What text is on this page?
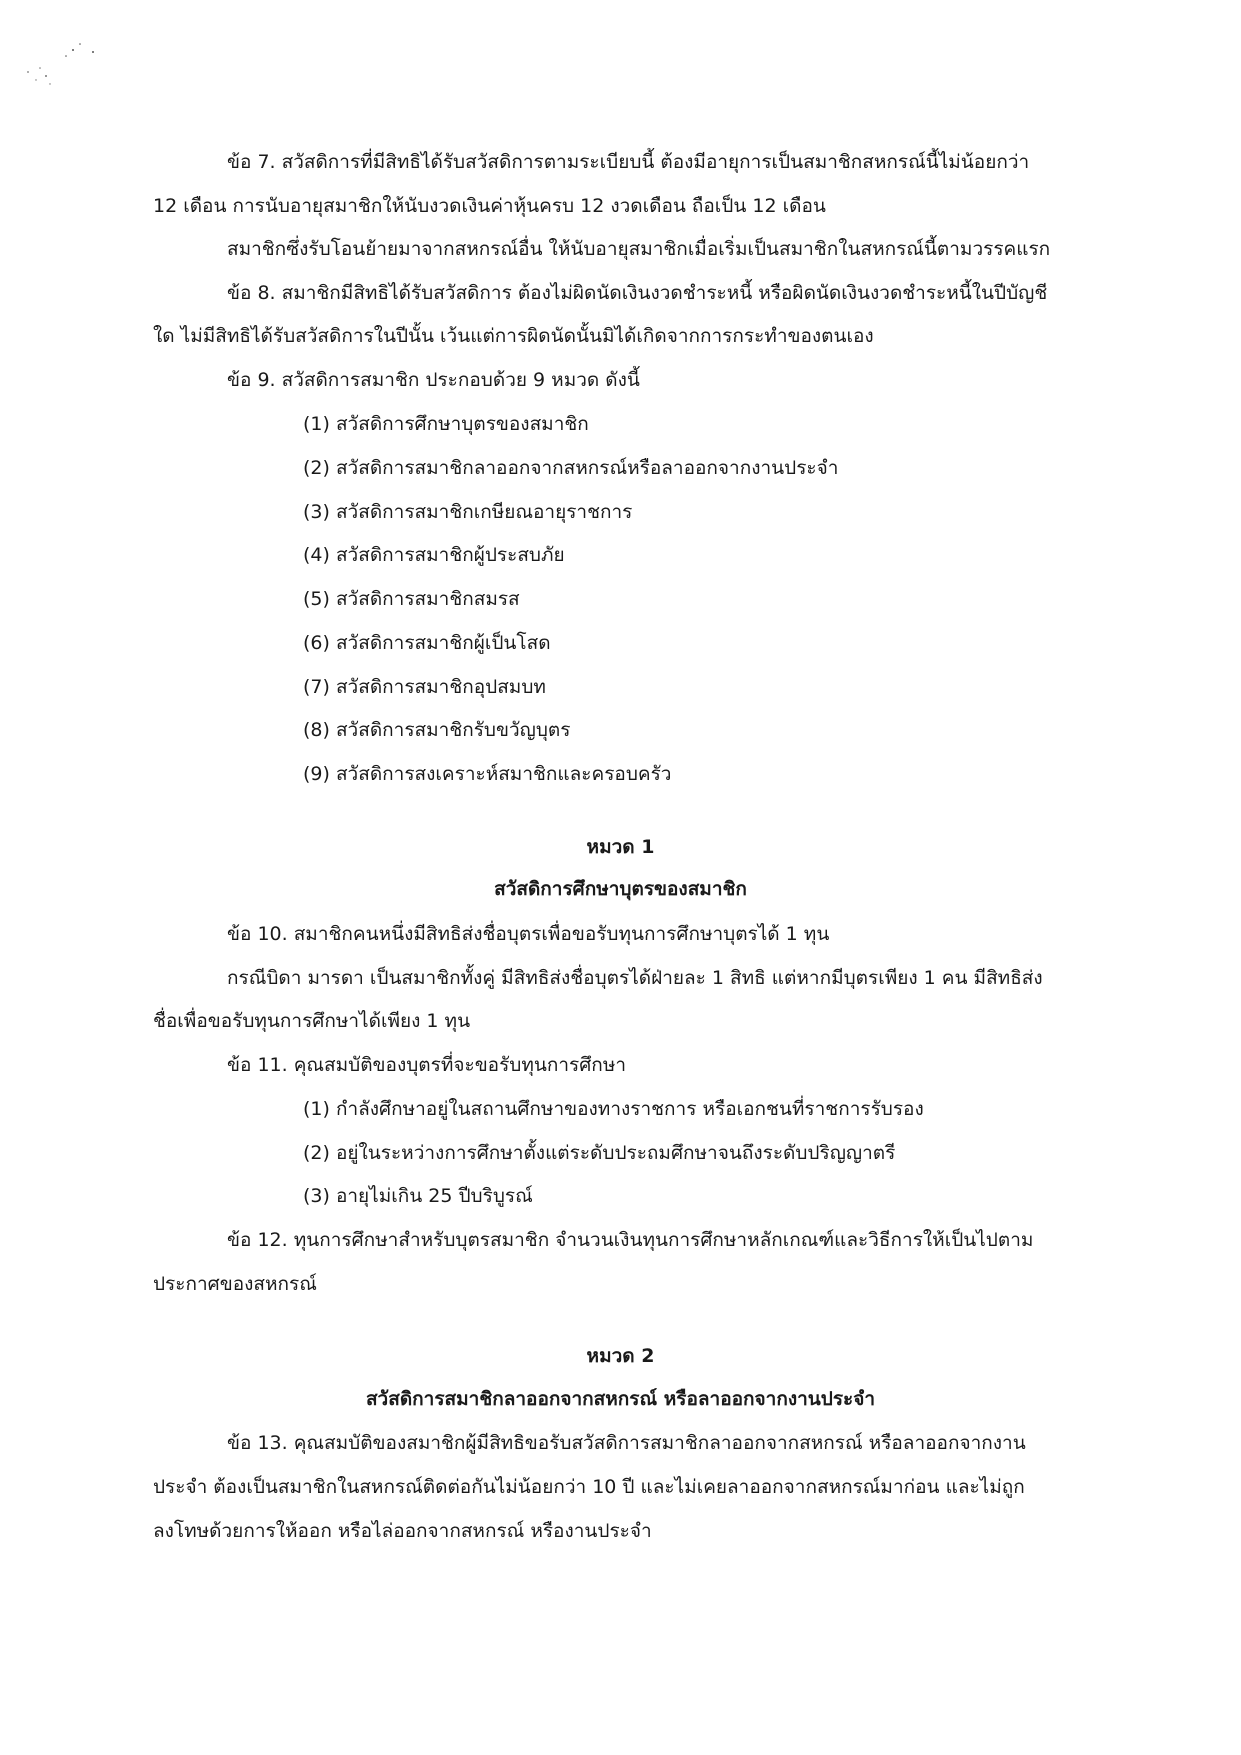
ข้อ 7. สวัสดิการที่มีสิทธิได้รับสวัสดิการตามระเบียบนี้ ต้องมีอายุการเป็นสมาชิกสหกรณ์นี้ไม่น้อยกว่า
12 เดือน การนับอายุสมาชิกให้นับงวดเงินค่าหุ้นครบ 12 งวดเดือน ถือเป็น 12 เดือน
สมาชิกซึ่งรับโอนย้ายมาจากสหกรณ์อื่น ให้นับอายุสมาชิกเมื่อเริ่มเป็นสมาชิกในสหกรณ์นี้ตามวรรคแรก
ข้อ 8. สมาชิกมีสิทธิได้รับสวัสดิการ ต้องไม่ผิดนัดเงินงวดชำระหนี้ หรือผิดนัดเงินงวดชำระหนี้ในปีบัญชี
ใด ไม่มีสิทธิได้รับสวัสดิการในปีนั้น เว้นแต่การผิดนัดนั้นมิได้เกิดจากการกระทำของตนเอง
ข้อ 9. สวัสดิการสมาชิก ประกอบด้วย 9 หมวด ดังนี้
(1) สวัสดิการศึกษาบุตรของสมาชิก
(2) สวัสดิการสมาชิกลาออกจากสหกรณ์หรือลาออกจากงานประจำ
(3) สวัสดิการสมาชิกเกษียณอายุราชการ
(4) สวัสดิการสมาชิกผู้ประสบภัย
(5) สวัสดิการสมาชิกสมรส
(6) สวัสดิการสมาชิกผู้เป็นโสด
(7) สวัสดิการสมาชิกอุปสมบท
(8) สวัสดิการสมาชิกรับขวัญบุตร
(9) สวัสดิการสงเคราะห์สมาชิกและครอบครัว
หมวด 1
สวัสดิการศึกษาบุตรของสมาชิก
ข้อ 10. สมาชิกคนหนึ่งมีสิทธิส่งชื่อบุตรเพื่อขอรับทุนการศึกษาบุตรได้ 1 ทุน
กรณีบิดา มารดา เป็นสมาชิกทั้งคู่ มีสิทธิส่งชื่อบุตรได้ฝ่ายละ 1 สิทธิ แต่หากมีบุตรเพียง 1 คน มีสิทธิส่ง
ชื่อเพื่อขอรับทุนการศึกษาได้เพียง 1 ทุน
ข้อ 11. คุณสมบัติของบุตรที่จะขอรับทุนการศึกษา
(1) กำลังศึกษาอยู่ในสถานศึกษาของทางราชการ หรือเอกชนที่ราชการรับรอง
(2) อยู่ในระหว่างการศึกษาตั้งแต่ระดับประถมศึกษาจนถึงระดับปริญญาตรี
(3) อายุไม่เกิน 25 ปีบริบูรณ์
ข้อ 12. ทุนการศึกษาสำหรับบุตรสมาชิก จำนวนเงินทุนการศึกษาหลักเกณฑ์และวิธีการให้เป็นไปตาม
ประกาศของสหกรณ์
หมวด 2
สวัสดิการสมาชิกลาออกจากสหกรณ์ หรือลาออกจากงานประจำ
ข้อ 13. คุณสมบัติของสมาชิกผู้มีสิทธิขอรับสวัสดิการสมาชิกลาออกจากสหกรณ์ หรือลาออกจากงาน
ประจำ ต้องเป็นสมาชิกในสหกรณ์ติดต่อกันไม่น้อยกว่า 10 ปี และไม่เคยลาออกจากสหกรณ์มาก่อน และไม่ถูก
ลงโทษด้วยการให้ออก หรือไล่ออกจากสหกรณ์ หรืองานประจำ
